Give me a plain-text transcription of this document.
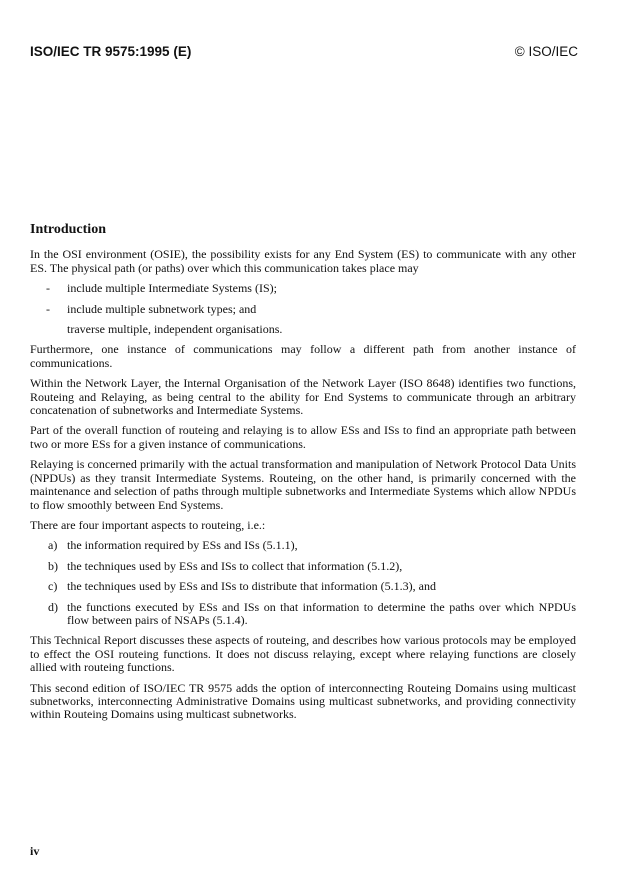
ISO/IEC TR 9575:1995 (E)	© ISO/IEC
Introduction

In the OSI environment (OSIE), the possibility exists for any End System (ES) to communicate with any other ES. The physical path (or paths) over which this communication takes place may

- include multiple Intermediate Systems (IS);
- include multiple subnetwork types; and
traverse multiple, independent organisations.

Furthermore, one instance of communications may follow a different path from another instance of communications.

Within the Network Layer, the Internal Organisation of the Network Layer (ISO 8648) identifies two functions, Routeing and Relaying, as being central to the ability for End Systems to communicate through an arbitrary concatenation of subnetworks and Intermediate Systems.

Part of the overall function of routeing and relaying is to allow ESs and ISs to find an appropriate path between two or more ESs for a given instance of communications.

Relaying is concerned primarily with the actual transformation and manipulation of Network Protocol Data Units (NPDUs) as they transit Intermediate Systems. Routeing, on the other hand, is primarily concerned with the maintenance and selection of paths through multiple subnetworks and Intermediate Systems which allow NPDUs to flow smoothly between End Systems.

There are four important aspects to routeing, i.e.:

a) the information required by ESs and ISs (5.1.1),
b) the techniques used by ESs and ISs to collect that information (5.1.2),
c) the techniques used by ESs and ISs to distribute that information (5.1.3), and
d) the functions executed by ESs and ISs on that information to determine the paths over which NPDUs flow between pairs of NSAPs (5.1.4).

This Technical Report discusses these aspects of routeing, and describes how various protocols may be employed to effect the OSI routeing functions. It does not discuss relaying, except where relaying functions are closely allied with routeing functions.

This second edition of ISO/IEC TR 9575 adds the option of interconnecting Routeing Domains using multicast subnetworks, interconnecting Administrative Domains using multicast subnetworks, and providing connectivity within Routeing Domains using multicast subnetworks.

iv
